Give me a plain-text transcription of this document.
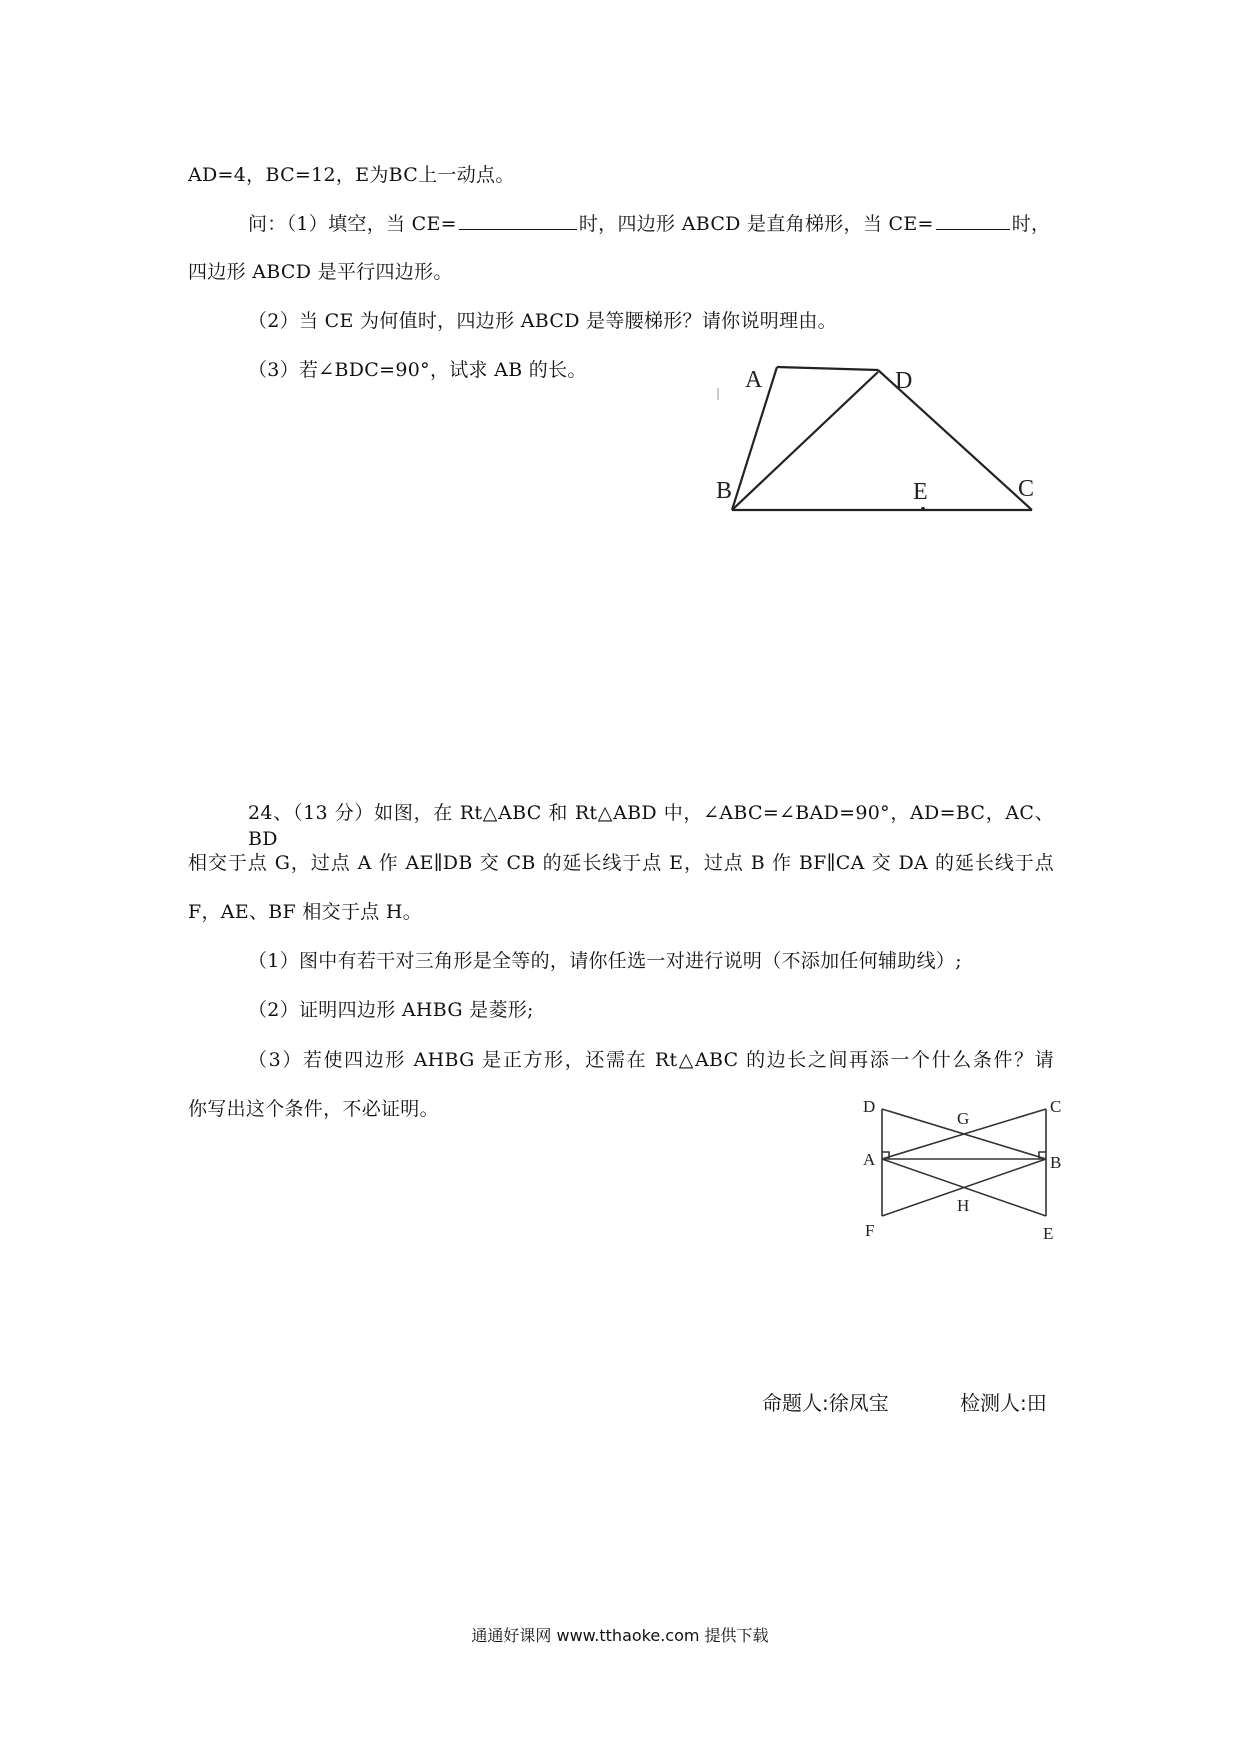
AD=4，BC=12，E为BC上一动点。
问：（1）填空，当 CE=	时，四边形 ABCD 是直角梯形，当 CE=	时，
四边形 ABCD 是平行四边形。
（2）当 CE 为何值时，四边形 ABCD 是等腰梯形？请你说明理由。
（3）若∠BDC=90°，试求 AB 的长。	A	D
B	E	C
24、（13 分）如图，在 Rt△ABC 和 Rt△ABD 中，∠ABC=∠BAD=90°，AD=BC，AC、BD
相交于点 G，过点 A 作 AE∥DB 交 CB 的延长线于点 E，过点 B 作 BF∥CA 交 DA 的延长线于点
F，AE、BF 相交于点 H。
（1）图中有若干对三角形是全等的，请你任选一对进行说明（不添加任何辅助线）;
（2）证明四边形 AHBG 是菱形;
（3）若使四边形 AHBG 是正方形，还需在 Rt△ABC 的边长之间再添一个什么条件？请
你写出这个条件，不必证明。	D	C
G
A	B
H
F	E
命题人:徐凤宝	检测人:田
通通好课网 www.tthaoke.com 提供下载
